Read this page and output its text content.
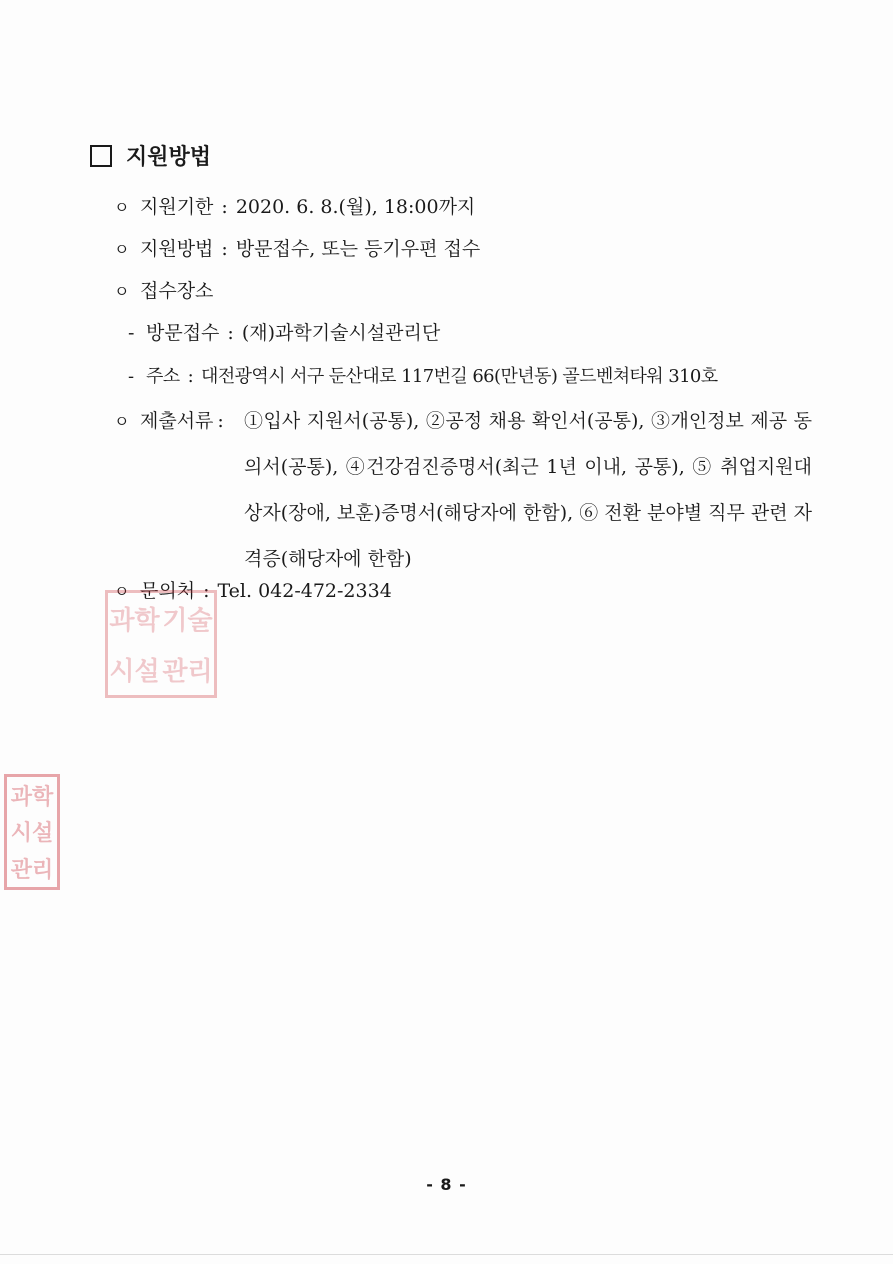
지원방법
ㅇ 지원기한 : 2020. 6. 8.(월), 18:00까지
ㅇ 지원방법 : 방문접수, 또는 등기우편 접수
ㅇ 접수장소
- 방문접수 : (재)과학기술시설관리단
- 주소 : 대전광역시 서구 둔산대로 117번길 66(만년동) 골드벤쳐타워 310호
ㅇ 제출서류 : ①입사 지원서(공통), ②공정 채용 확인서(공통), ③개인정보 제공 동의서(공통), ④건강검진증명서(최근 1년 이내, 공통), ⑤ 취업지원대상자(장애, 보훈)증명서(해당자에 한함), ⑥ 전환 분야별 직무 관련 자격증(해당자에 한함)
ㅇ 문의처 : Tel. 042-472-2334
과학 기술
시설 관리
과학
시설
관리
- 8 -
